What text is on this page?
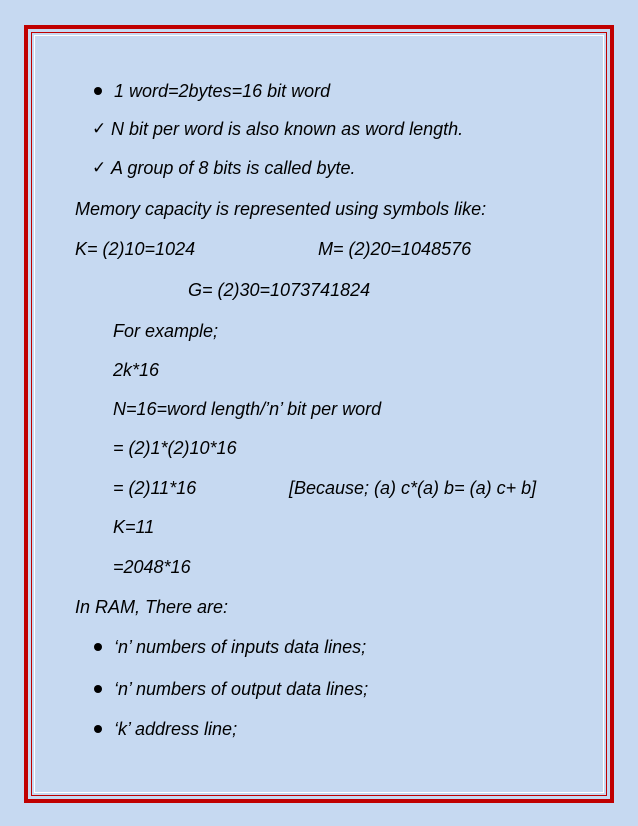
1 word=2bytes=16 bit word
✓ N bit per word is also known as word length.
✓ A group of 8 bits is called byte.
Memory capacity is represented using symbols like:
K= (2)10=1024	M= (2)20=1048576
G= (2)30=1073741824
For example;
2k*16
N=16=word length/’n’ bit per word
= (2)1*(2)10*16
= (2)11*16	[Because; (a) c*(a) b= (a) c+ b]
K=11
=2048*16
In RAM, There are:
‘n’ numbers of inputs data lines;
‘n’ numbers of output data lines;
‘k’ address line;
